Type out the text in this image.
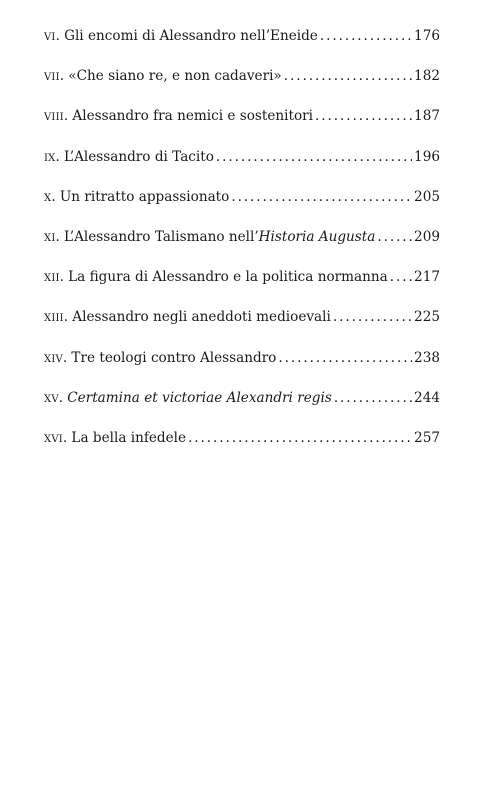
vi. Gli encomi di Alessandro nell’Eneide . . .	176
vii. «Che siano re, e non cadaveri» . . .	182
viii. Alessandro fra nemici e sostenitori . . .	187
ix. L’Alessandro di Tacito . . .	196
x. Un ritratto appassionato . . .	205
xi. L’Alessandro Talismano nell’Historia Augusta . . .	209
xii. La figura di Alessandro e la politica normanna . . . 217
xiii. Alessandro negli aneddoti medioevali . . .	225
xiv. Tre teologi contro Alessandro . . .	238
xv. Certamina et victoriae Alexandri regis . . .	244
xvi. La bella infedele . . .	257
